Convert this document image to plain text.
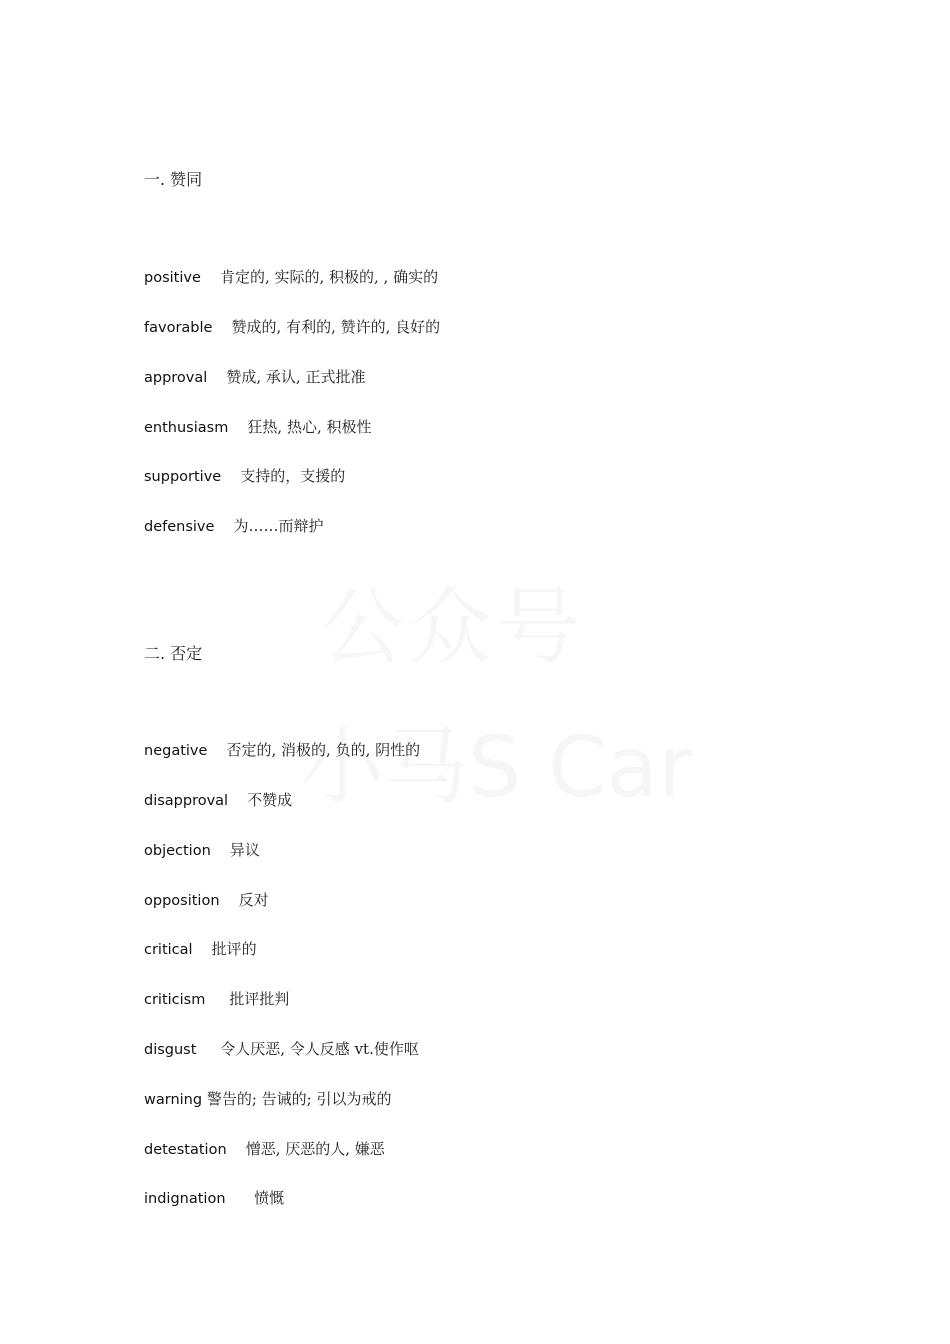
一. 赞同
positive 肯定的, 实际的, 积极的, , 确实的
favorable 赞成的, 有利的, 赞许的, 良好的
approval 赞成, 承认, 正式批准
enthusiasm 狂热, 热心, 积极性
supportive 支持的，支援的
defensive 为……而辩护
二. 否定
negative 否定的, 消极的, 负的, 阴性的
disapproval 不赞成
objection 异议
opposition 反对
critical 批评的
criticism 批评批判
disgust 令人厌恶, 令人反感 vt.使作呕
warning 警告的; 告诫的; 引以为戒的
detestation 憎恶, 厌恶的人, 嫌恶
indignation 愤慨
